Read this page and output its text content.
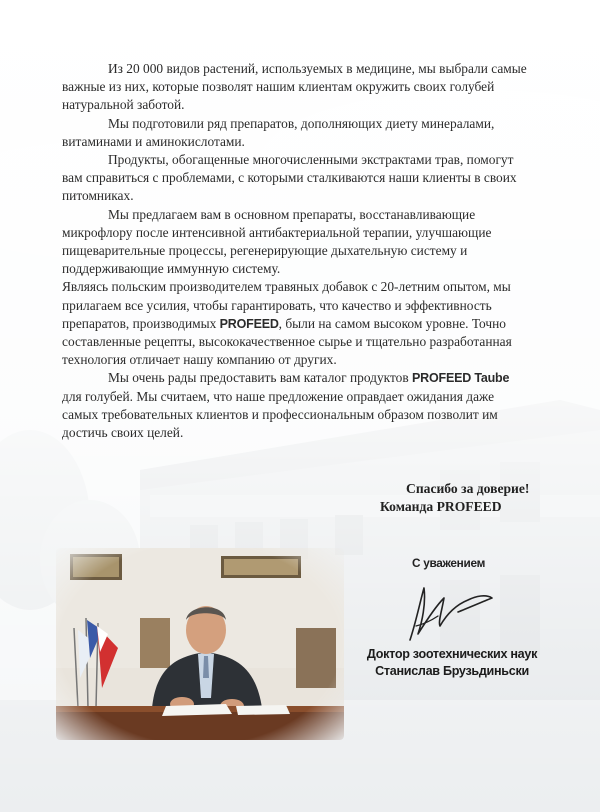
Из 20 000 видов растений, используемых в медицине, мы выбрали самые важные из них, которые позволят нашим клиентам окружить своих голубей натуральной заботой.

Мы подготовили ряд препаратов, дополняющих диету минералами, витаминами и аминокислотами.

Продукты, обогащенные многочисленными экстрактами трав, помогут вам справиться с проблемами, с которыми сталкиваются наши клиенты в своих питомниках.

Мы предлагаем вам в основном препараты, восстанавливающие микрофлору после интенсивной антибактериальной терапии, улучшающие пищеварительные процессы, регенерирующие дыхательную систему и поддерживающие иммунную систему.

Являясь польским производителем травяных добавок с 20-летним опытом, мы прилагаем все усилия, чтобы гарантировать, что качество и эффективность препаратов, производимых PROFEED, были на самом высоком уровне. Точно составленные рецепты, высококачественное сырье и тщательно разработанная технология отличает нашу компанию от других.

Мы очень рады предоставить вам каталог продуктов PROFEED Taube для голубей. Мы считаем, что наше предложение оправдает ожидания даже самых требовательных клиентов и профессиональным образом позволит им достичь своих целей.

Спасибо за доверие!
Команда PROFEED
С уважением
Доктор зоотехнических наук
Станислав Брузьдиньски
